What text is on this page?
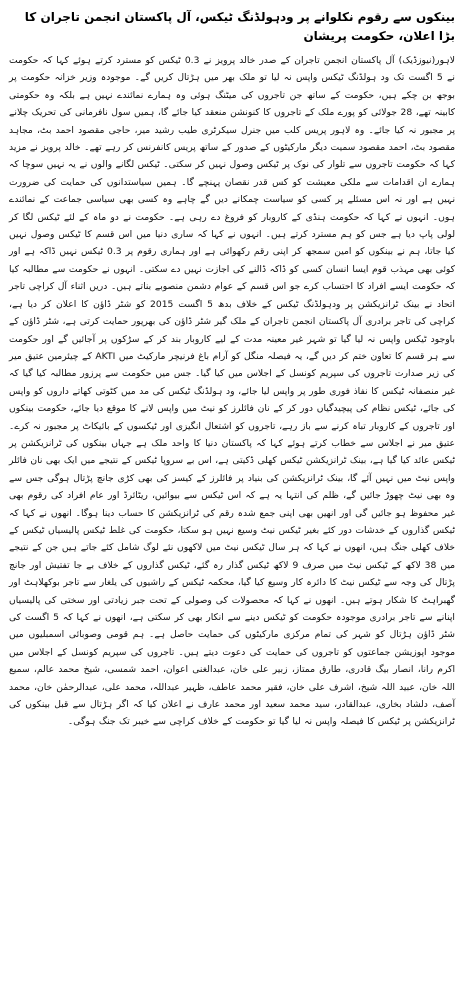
بینکوں سے رقوم نکلوانے پر ودہولڈنگ ٹیکس، آل پاکستان انجمن تاجران کا بڑا اعلان، حکومت پریشان

لاہور(نیوزڈیک) آل پاکستان انجمن تاجران کے صدر خالد پرویز نے 0.3 ٹیکس کو مسترد کرتے ہوئے کہا کہ حکومت نے 5 اگست تک ود ہولڈنگ ٹیکس واپس نہ لیا تو ملک بھر میں ہڑتال کریں گے۔ موجودہ وزیر خزانہ حکومت پر بوجھ بن چکے ہیں، حکومت کے ساتھ جن تاجروں کی میٹنگ ہوئی وہ ہمارے نمائندے نہیں ہے بلکہ وہ حکومتی کابینہ تھے، 28 جولائی کو پورے ملک کے تاجروں کا کنونشن منعقد کیا جائے گا، ہمیں سول نافرمانی کی تحریک چلانے پر مجبور نہ کیا جائے۔ وہ لاہور پریس کلب میں جنرل سیکرٹری طیب رشید میر، حاجی مقصود احمد بٹ، مجاہد مقصود بٹ، احمد مقصود سمیت دیگر مارکیٹوں کے صدور کے ساتھ پریس کانفرنس کر رہے تھے۔ خالد پرویز نے مزید کہا کہ حکومت تاجروں سے تلوار کی نوک پر ٹیکس وصول نہیں کر سکتی۔ ٹیکس لگانے والوں نے یہ نہیں سوچا کہ ہمارے ان اقدامات سے ملکی معیشت کو کس قدر نقصان پہنچے گا۔ ہمیں سیاستدانوں کی حمایت کی ضرورت نہیں ہے اور نہ اس مسئلے پر کسی کو سیاست چمکانے دیں گے چاہے وہ کسی بھی سیاسی جماعت کے نمائندے ہوں۔ انہوں نے کہا کہ حکومت ہنڈی کے کاروبار کو فروغ دے رہی ہے۔ حکومت نے دو ماہ کے لئے ٹیکس لگا کر لولی پاپ دیا ہے جس کو ہم مسترد کرتے ہیں۔ انہوں نے کہا کہ ساری دنیا میں اس قسم کا ٹیکس وصول نہیں کیا جاتا، ہم نے بینکوں کو امین سمجھ کر اپنی رقم رکھوائی ہے اور ہماری رقوم پر 0.3 ٹیکس نہیں ڈاکہ ہے اور کوئی بھی مہذب قوم ایسا انسان کسی کو ڈاکہ ڈالنے کی اجازت نہیں دے سکتی۔ انہوں نے حکومت سے مطالبہ کیا کہ حکومت ایسے افراد کا احتساب کرے جو اس قسم کے عوام دشمن منصوبے بناتے ہیں۔ دریں اثناء آل کراچی تاجر اتحاد نے بینک ٹرانزیکشن پر ودہولڈنگ ٹیکس کے خلاف بدھ 5 اگست 2015 کو شٹر ڈاؤن کا اعلان کر دیا ہے، کراچی کی تاجر برادری آل پاکستان انجمن تاجران کے ملک گیر شٹر ڈاؤن کی بھرپور حمایت کرتی ہے، شٹر ڈاؤن کے باوجود ٹیکس واپس نہ لیا گیا تو شہر غیر معینہ مدت کے لیے کاروبار بند کر کے سڑکوں پر آجائیں گے اور حکومت سے ہر قسم کا تعاون ختم کر دیں گے، یہ فیصلہ منگل کو آرام باغ فرنیچر مارکیٹ میں AKTI کے چیئرمین عتیق میر کی زیر صدارت تاجروں کی سپریم کونسل کے اجلاس میں کیا گیا۔ جس میں حکومت سے پرزور مطالبہ کیا گیا کہ غیر منصفانہ ٹیکس کا نفاذ فوری طور پر واپس لیا جائے، ود ہولڈنگ ٹیکس کی مد میں کٹوتی کھاتے داروں کو واپس کی جائے، ٹیکس نظام کی پیچیدگیاں دور کر کے نان فائلرز کو نیٹ میں واپس لانے کا موقع دیا جائے، حکومت بینکوں اور تاجروں کے کاروبار تباہ کرنے سے باز رہے، تاجروں کو اشتعال انگیزی اور ٹیکسوں کے بائیکاٹ پر مجبور نہ کرے۔ عتیق میر نے اجلاس سے خطاب کرتے ہوئے کہا کہ پاکستان دنیا کا واحد ملک ہے جہاں بینکوں کی ٹرانزیکشن پر ٹیکس عائد کیا گیا ہے، بینک ٹرانزیکشن ٹیکس کھلی ڈکیتی ہے، اس بے سروپا ٹیکس کے نتیجے میں ایک بھی نان فائلر واپس نیٹ میں نہیں آئے گا، بینک ٹرانزیکشن کی بنیاد پر فائلرز کے کیسز کی بھی کڑی جانچ پڑتال ہوگی جس سے وہ بھی نیٹ چھوڑ جائیں گے، ظلم کی انتہا یہ ہے کہ اس ٹیکس سے بیوائیں، ریٹائرڈ اور عام افراد کی رقوم بھی غیر محفوظ ہو جائیں گی اور انھیں بھی اپنی جمع شدہ رقم کی ٹرانزیکشن کا حساب دینا ہوگا۔ انھوں نے کہا کہ ٹیکس گذاروں کے خدشات دور کئے بغیر ٹیکس نیٹ وسیع نہیں ہو سکتا، حکومت کی غلط ٹیکس پالیسیاں ٹیکس کے خلاف کھلی جنگ ہیں، انھوں نے کہا کہ ہر سال ٹیکس نیٹ میں لاکھوں نئے لوگ شامل کئے جاتے ہیں جن کے نتیجے میں 38 لاکھ کے ٹیکس نیٹ میں صرف 9 لاکھ ٹیکس گذار رہ گئے، ٹیکس گذاروں کے خلاف بے جا تفتیش اور جانچ پڑتال کی وجہ سے ٹیکس نیٹ کا دائرہ کار وسیع کیا گیا، محکمہ ٹیکس کے راشیوں کی یلغار سے تاجر بوکھلاہٹ اور گھبراہٹ کا شکار ہوتے ہیں۔ انھوں نے کہا کہ محصولات کی وصولی کے تحت جبر زیادتی اور سختی کی پالیسیاں اپنانے سے تاجر برادری موجودہ حکومت کو ٹیکس دینے سے انکار بھی کر سکتی ہے، انھوں نے کہا کہ 5 اگست کی شٹر ڈاؤن ہڑتال کو شہر کی تمام مرکزی مارکیٹوں کی حمایت حاصل ہے۔ ہم قومی وصوبائی اسمبلیوں میں موجود اپوزیشن جماعتوں کو تاجروں کی حمایت کی دعوت دیتے ہیں۔ تاجروں کی سپریم کونسل کے اجلاس میں اکرم رانا، انصار بیگ قادری، طارق ممتاز، زبیر علی خان، عبدالغنی اعوان، احمد شمسی، شیخ محمد عالم، سمیع اللہ خان، عبید اللہ شیخ، اشرف علی خان، فقیر محمد عاطف، ظہیر عبداللہ، محمد علی، عبدالرحمٰن خان، محمد آصف، دلشاد بخاری، عبدالقادر، سید محمد سعید اور محمد عارف نے اعلان کیا کہ اگر ہڑتال سے قبل بینکوں کی ٹرانزیکشن پر ٹیکس کا فیصلہ واپس نہ لیا گیا تو حکومت کے خلاف کراچی سے خیبر تک جنگ ہوگی۔
